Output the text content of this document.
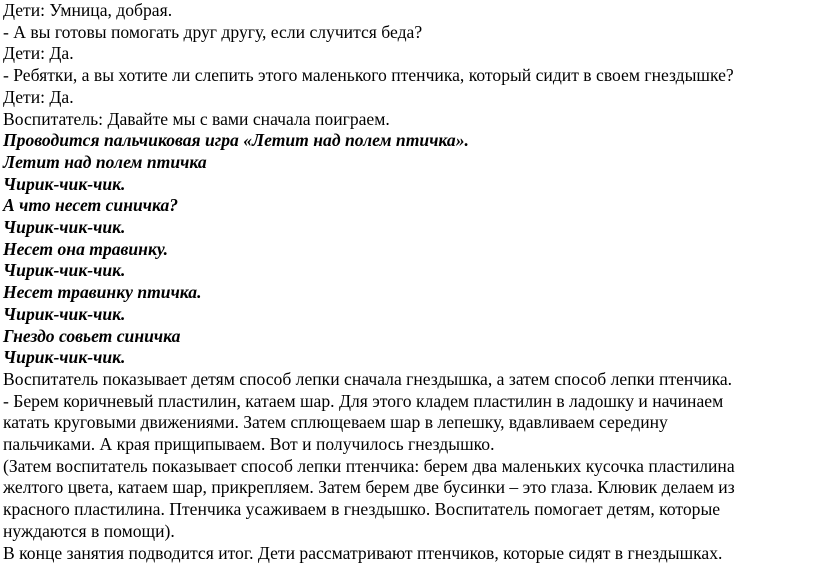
Дети: Умница, добрая.

- А вы готовы помогать друг другу, если случится беда?

Дети: Да.

- Ребятки, а вы хотите ли слепить этого маленького птенчика, который сидит в своем гнездышке?

Дети: Да.

Воспитатель: Давайте мы с вами сначала поиграем.

Проводится пальчиковая игра «Летит над полем птичка».

Летит над полем птичка

Чирик-чик-чик.

А что несет синичка?

Чирик-чик-чик.

Несет она травинку.

Чирик-чик-чик.

Несет травинку птичка.

Чирик-чик-чик.

Гнездо совьет синичка

Чирик-чик-чик.

Воспитатель показывает детям способ лепки сначала гнездышка, а затем способ лепки птенчика.

- Берем коричневый пластилин, катаем шар. Для этого кладем пластилин в ладошку и начинаем

катать круговыми движениями. Затем сплющеваем шар в лепешку, вдавливаем середину

пальчиками. А края прищипываем. Вот и получилось гнездышко.

(Затем воспитатель показывает способ лепки птенчика: берем два маленьких кусочка пластилина

желтого цвета, катаем шар, прикрепляем. Затем берем две бусинки – это глаза. Клювик делаем из

красного пластилина. Птенчика усаживаем в гнездышко. Воспитатель помогает детям, которые

нуждаются в помощи).

В конце занятия подводится итог. Дети рассматривают птенчиков, которые сидят в гнездышках.
